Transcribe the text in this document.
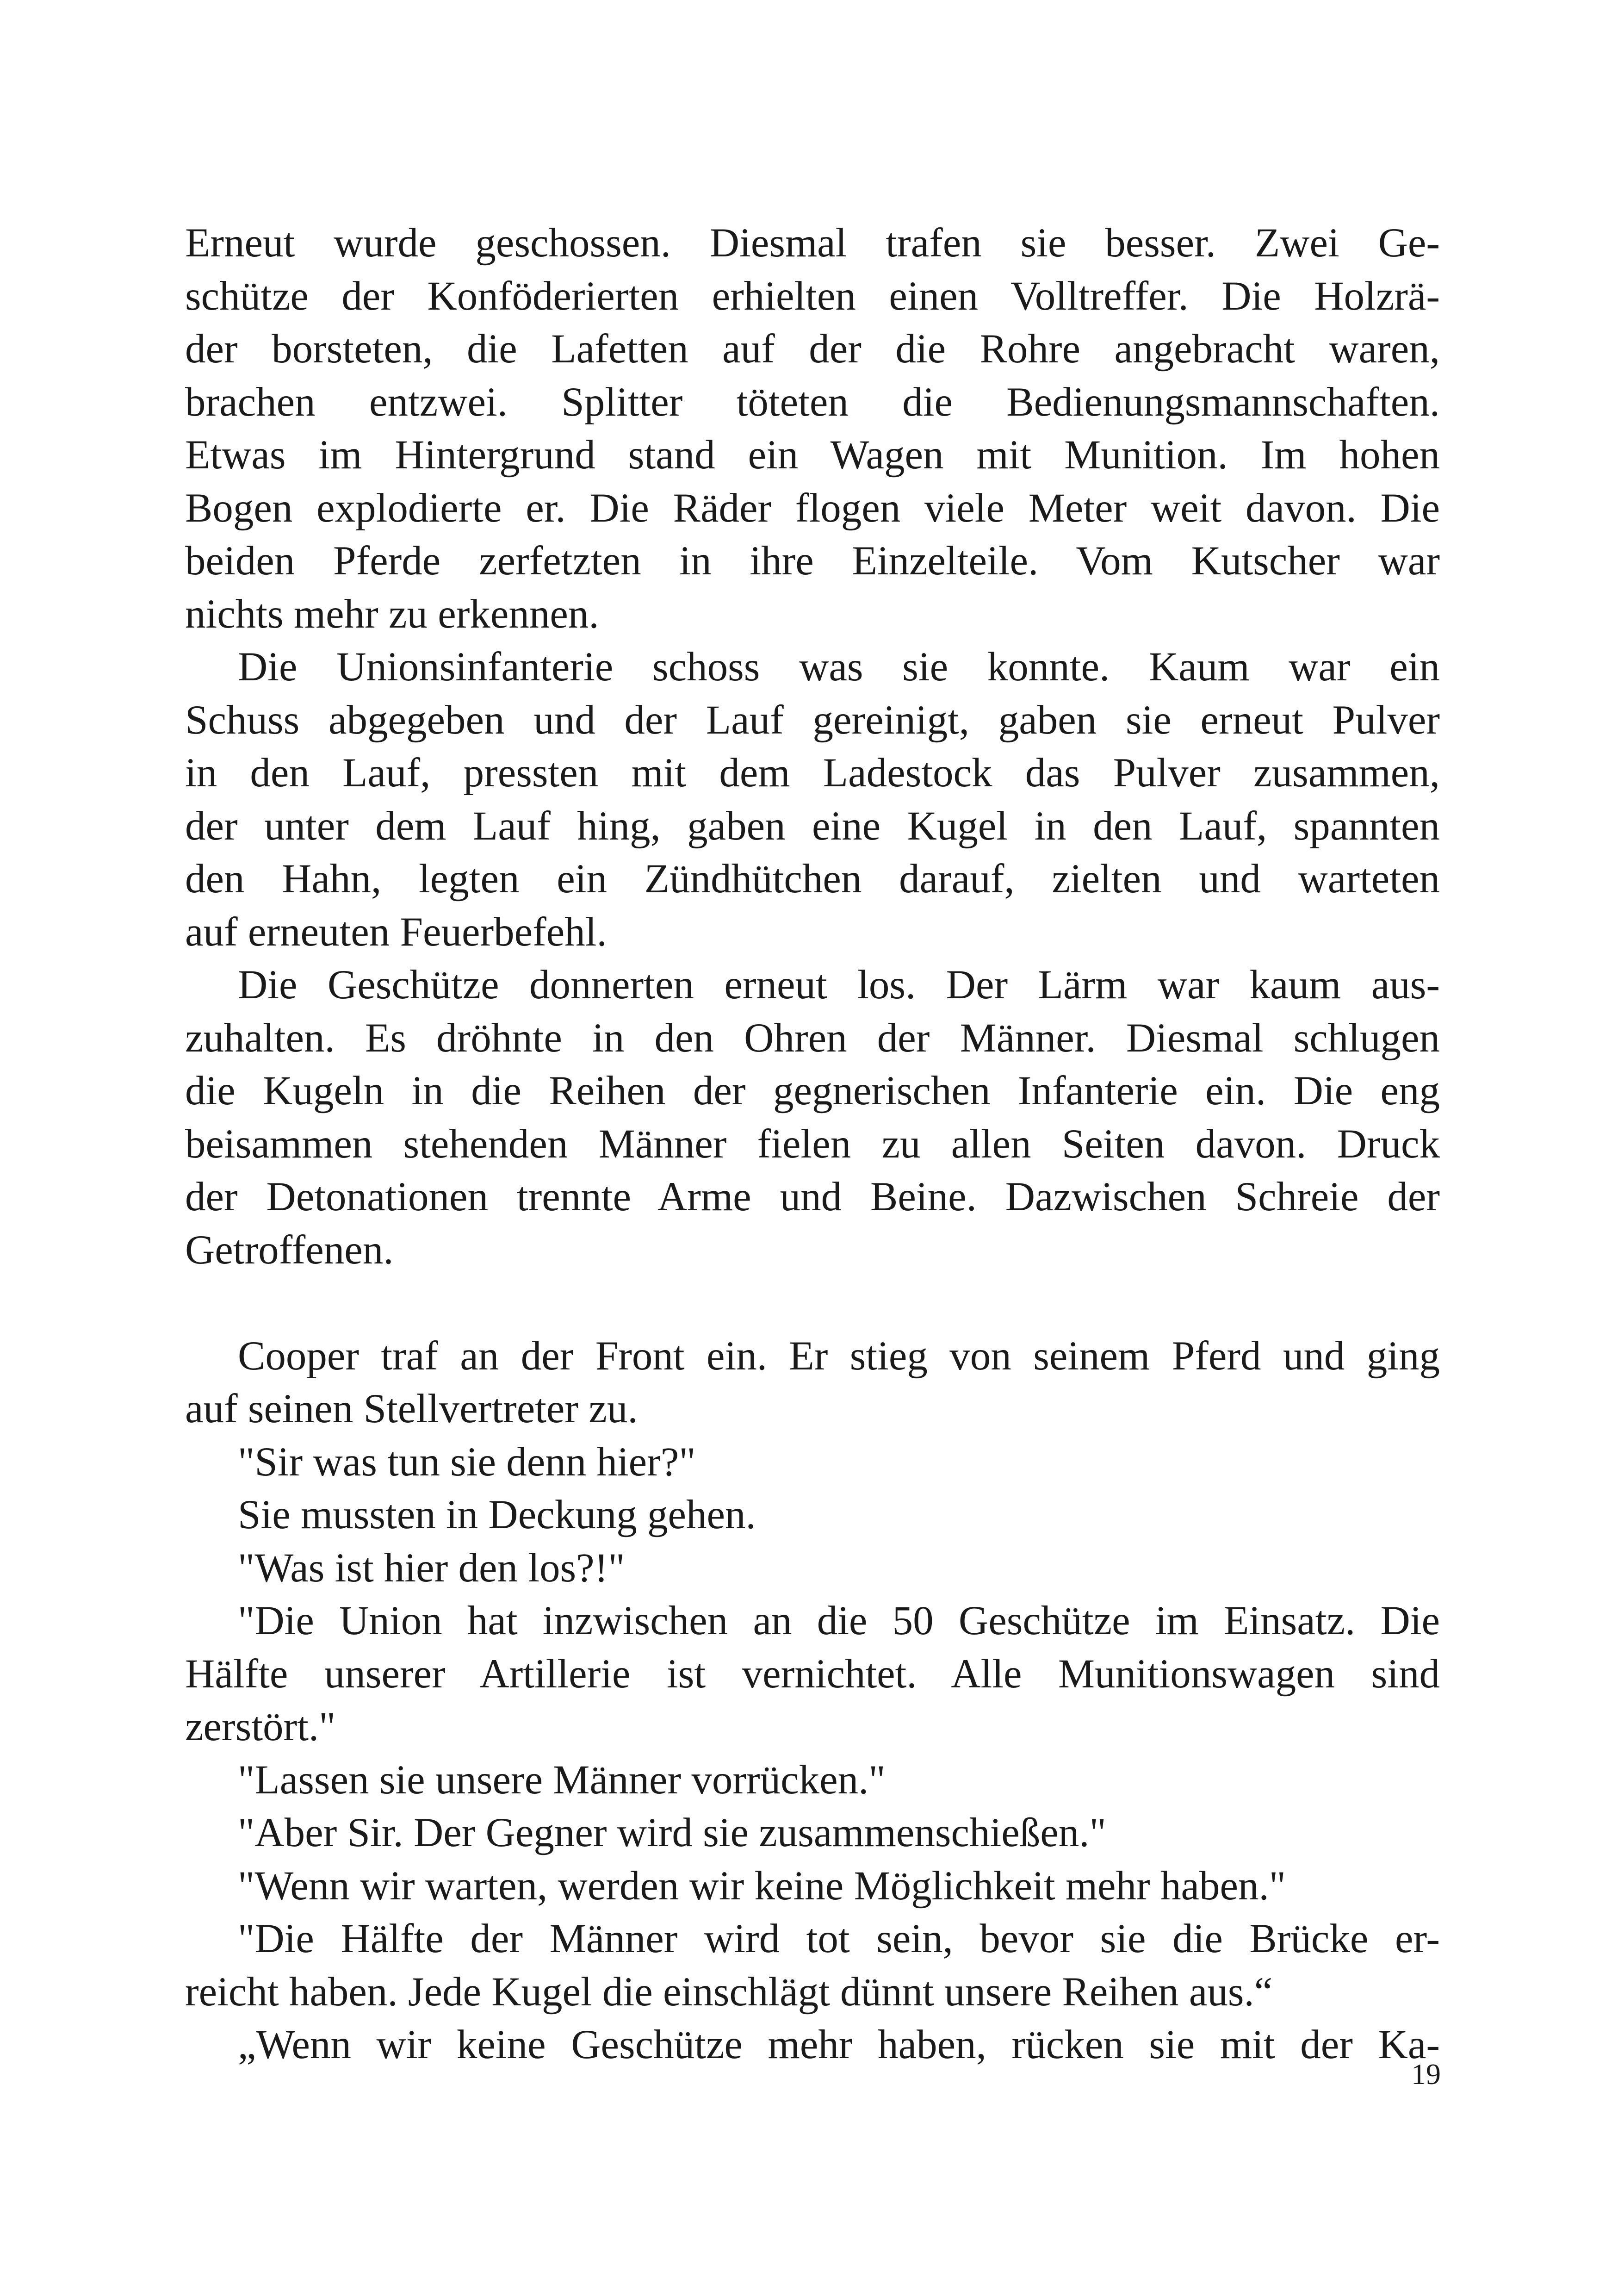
Erneut wurde geschossen. Diesmal trafen sie besser. Zwei Ge-
schütze der Konföderierten erhielten einen Volltreffer. Die Holzrä-
der borsteten, die Lafetten auf der die Rohre angebracht waren,
brachen entzwei. Splitter töteten die Bedienungsmannschaften.
Etwas im Hintergrund stand ein Wagen mit Munition. Im hohen
Bogen explodierte er. Die Räder flogen viele Meter weit davon. Die
beiden Pferde zerfetzten in ihre Einzelteile. Vom Kutscher war
nichts mehr zu erkennen.
Die Unionsinfanterie schoss was sie konnte. Kaum war ein
Schuss abgegeben und der Lauf gereinigt, gaben sie erneut Pulver
in den Lauf, pressten mit dem Ladestock das Pulver zusammen,
der unter dem Lauf hing, gaben eine Kugel in den Lauf, spannten
den Hahn, legten ein Zündhütchen darauf, zielten und warteten
auf erneuten Feuerbefehl.
Die Geschütze donnerten erneut los. Der Lärm war kaum aus-
zuhalten. Es dröhnte in den Ohren der Männer. Diesmal schlugen
die Kugeln in die Reihen der gegnerischen Infanterie ein. Die eng
beisammen stehenden Männer fielen zu allen Seiten davon. Druck
der Detonationen trennte Arme und Beine. Dazwischen Schreie der
Getroffenen.
Cooper traf an der Front ein. Er stieg von seinem Pferd und ging
auf seinen Stellvertreter zu.
"Sir was tun sie denn hier?"
Sie mussten in Deckung gehen.
"Was ist hier den los?!"
"Die Union hat inzwischen an die 50 Geschütze im Einsatz. Die
Hälfte unserer Artillerie ist vernichtet. Alle Munitionswagen sind
zerstört."
"Lassen sie unsere Männer vorrücken."
"Aber Sir. Der Gegner wird sie zusammenschießen."
"Wenn wir warten, werden wir keine Möglichkeit mehr haben."
"Die Hälfte der Männer wird tot sein, bevor sie die Brücke er-
reicht haben. Jede Kugel die einschlägt dünnt unsere Reihen aus.“
„Wenn wir keine Geschütze mehr haben, rücken sie mit der Ka-
19
